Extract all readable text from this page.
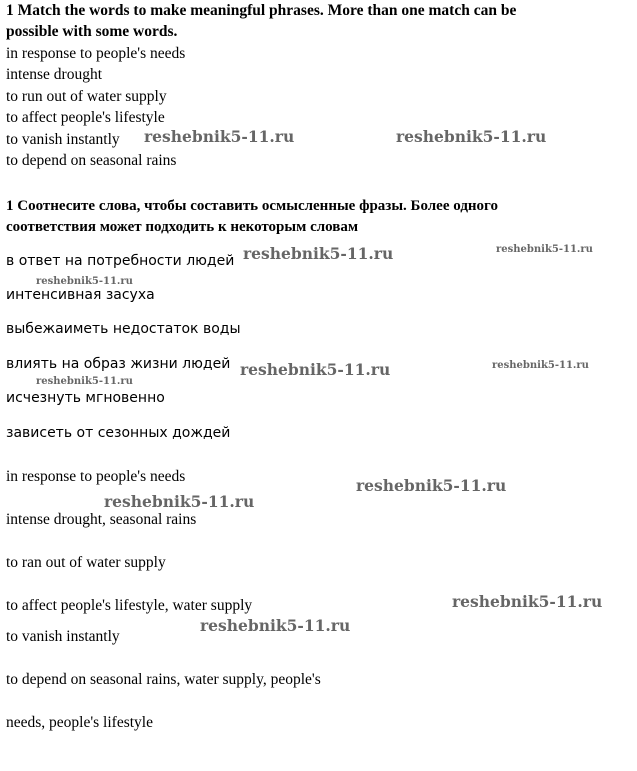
1 Match the words to make meaningful phrases. More than one match can be
possible with some words.
in response to people's needs
intense drought
to run out of water supply
to affect people's lifestyle
to vanish instantly
to depend on seasonal rains
1 Соотнесите слова, чтобы составить осмысленные фразы. Более одного
соответствия может подходить к некоторым словам
в ответ на потребности людей
интенсивная засуха
выбежаиметь недостаток воды
влиять на образ жизни людей
исчезнуть мгновенно
зависеть от сезонных дождей
in response to people's needs
intense drought, seasonal rains
to ran out of water supply
to affect people's lifestyle, water supply
to vanish instantly
to depend on seasonal rains, water supply, people's
needs, people's lifestyle
reshebnik5-11.ru	reshebnik5-11.ru
reshebnik5-11.ru	reshebnik5-11.ru
reshebnik5-11.ru
reshebnik5-11.ru	reshebnik5-11.ru
reshebnik5-11.ru
reshebnik5-11.ru
reshebnik5-11.ru
reshebnik5-11.ru
reshebnik5-11.ru
